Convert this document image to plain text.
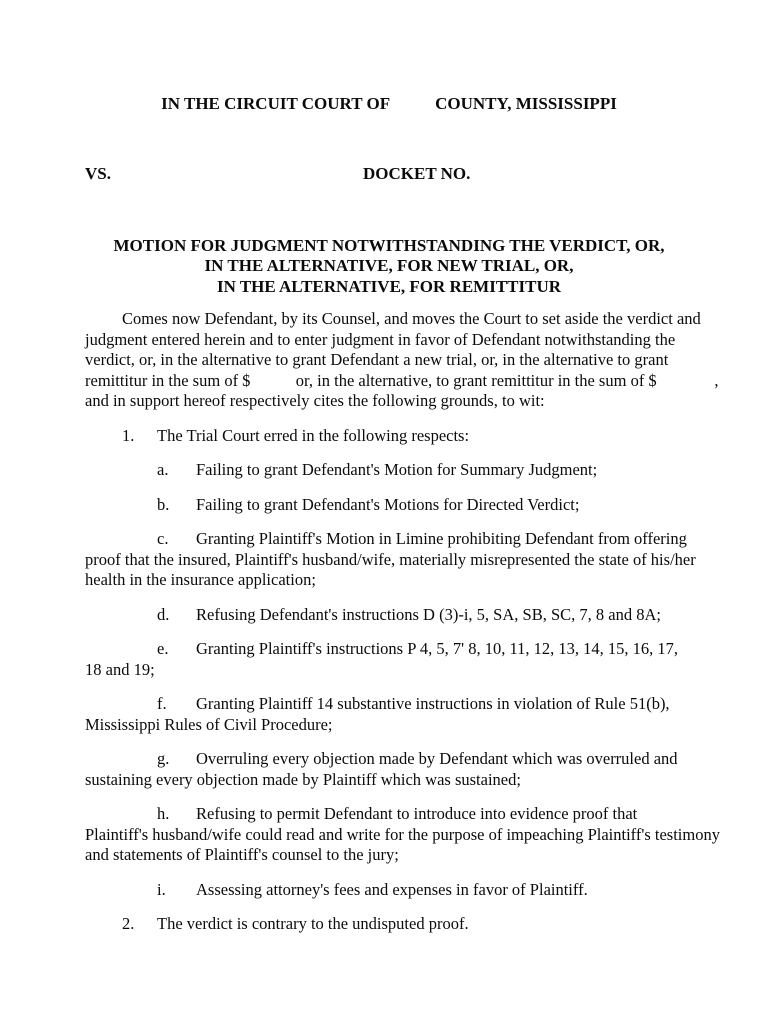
IN THE CIRCUIT COURT OF	COUNTY, MISSISSIPPI
VS.	DOCKET NO.
MOTION FOR JUDGMENT NOTWITHSTANDING THE VERDICT, OR,
IN THE ALTERNATIVE, FOR NEW TRIAL, OR,
IN THE ALTERNATIVE, FOR REMITTITUR
Comes now Defendant, by its Counsel, and moves the Court to set aside the verdict and
judgment entered herein and to enter judgment in favor of Defendant notwithstanding the
verdict, or, in the alternative to grant Defendant a new trial, or, in the alternative to grant
remittitur in the sum of $           or, in the alternative, to grant remittitur in the sum of $              ,
and in support hereof respectively cites the following grounds, to wit:
1.	The Trial Court erred in the following respects:
a.	Failing to grant Defendant's Motion for Summary Judgment;
b.	Failing to grant Defendant's Motions for Directed Verdict;
c.	Granting Plaintiff's Motion in Limine prohibiting Defendant from offering
proof that the insured, Plaintiff's husband/wife, materially misrepresented the state of his/her
health in the insurance application;
d.	Refusing Defendant's instructions D (3)-i, 5, SA, SB, SC, 7, 8 and 8A;
e.	Granting Plaintiff's instructions P 4, 5, 7' 8, 10, 11, 12, 13, 14, 15, 16, 17,
18 and 19;
f.	Granting Plaintiff 14 substantive instructions in violation of Rule 51(b),
Mississippi Rules of Civil Procedure;
g.	Overruling every objection made by Defendant which was overruled and
sustaining every objection made by Plaintiff which was sustained;
h.	Refusing to permit Defendant to introduce into evidence proof that
Plaintiff's husband/wife could read and write for the purpose of impeaching Plaintiff's testimony
and statements of Plaintiff's counsel to the jury;
i.	Assessing attorney's fees and expenses in favor of Plaintiff.
2.	The verdict is contrary to the undisputed proof.
